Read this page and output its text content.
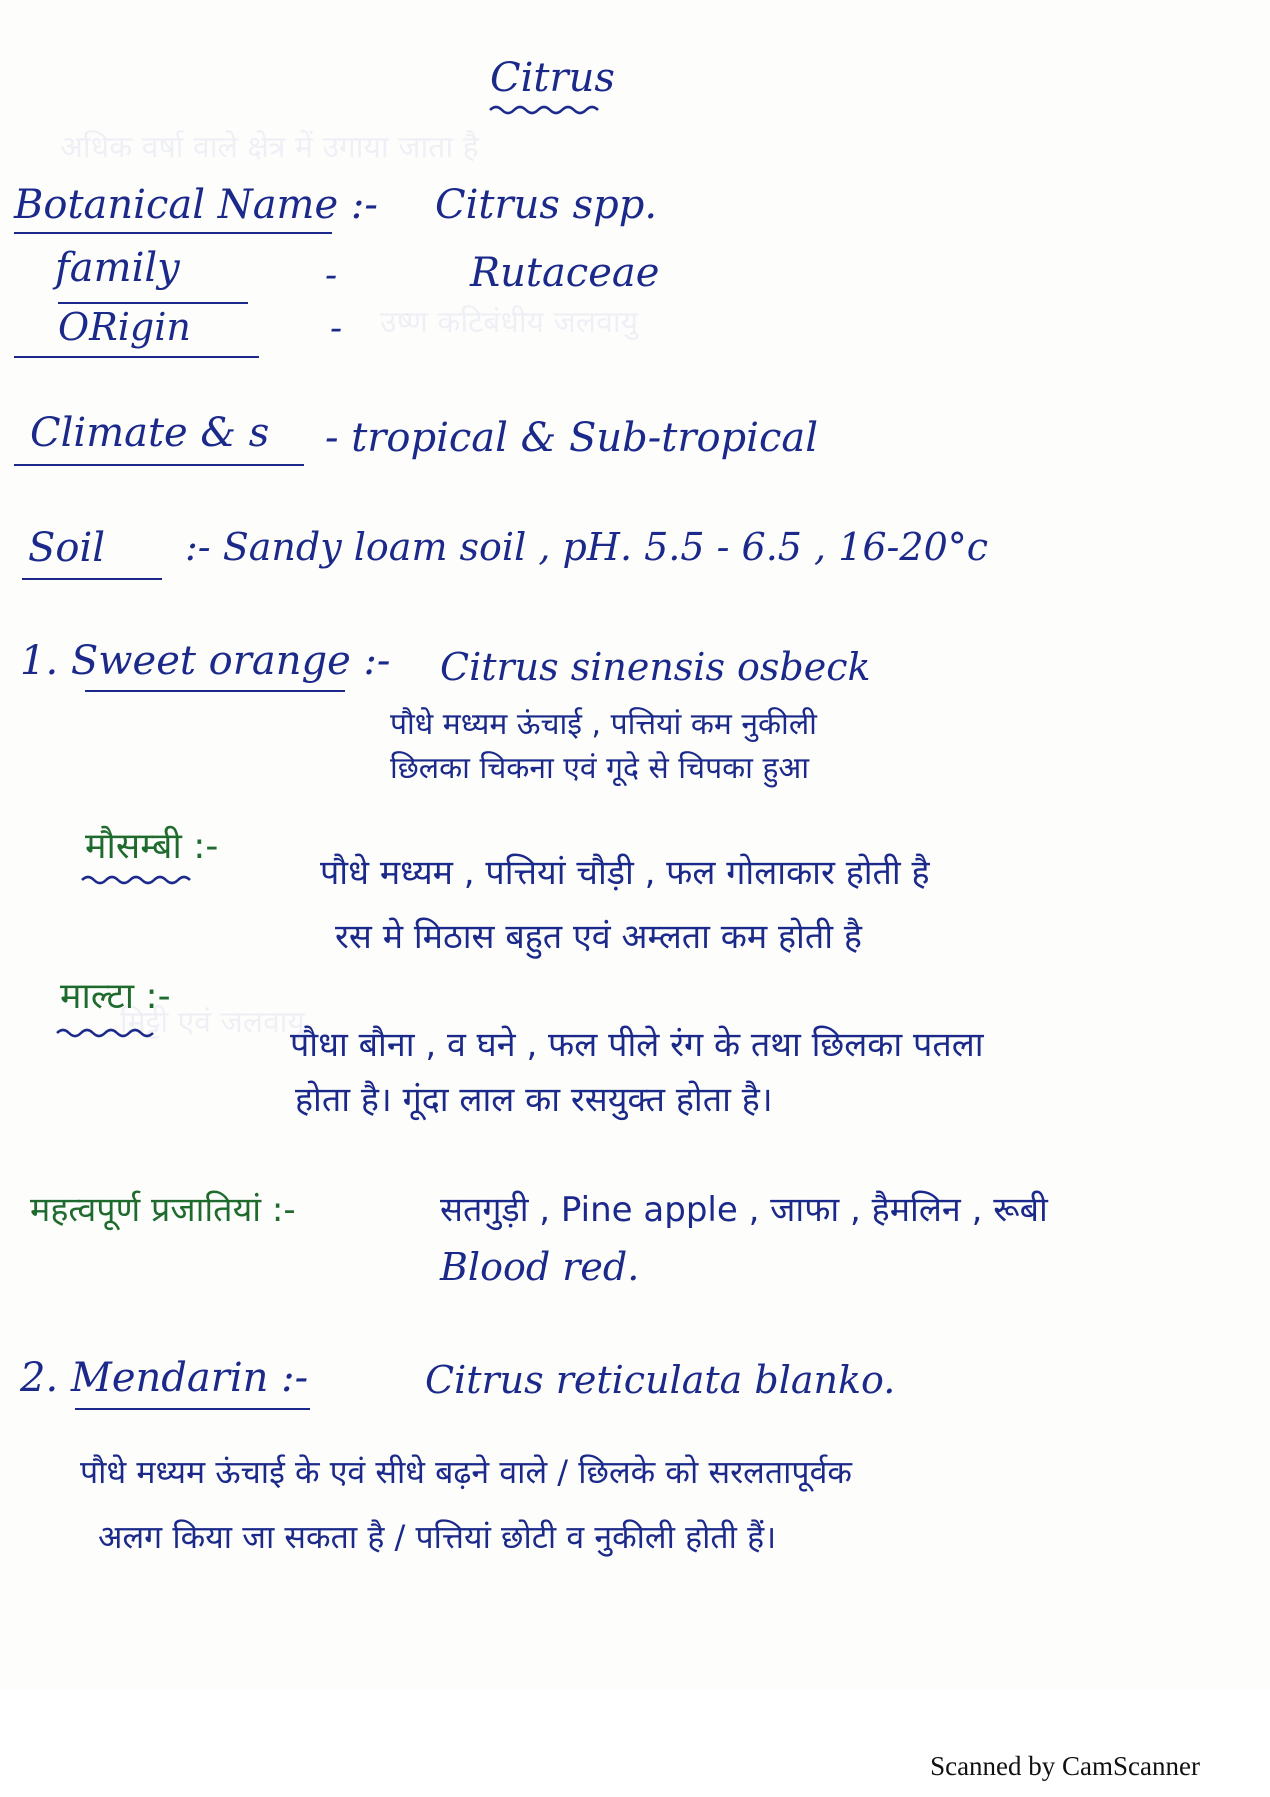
अधिक वर्षा वाले क्षेत्र में उगाया जाता है
उष्ण कटिबंधीय जलवायु
मिट्टी एवं जलवायु
Citrus
Botanical Name :- Citrus spp.
family	-	Rutaceae
ORigin	-
Climate & s - tropical & Sub-tropical
Soil :- Sandy loam soil , pH. 5.5 - 6.5 , 16-20°c
1. Sweet orange :- Citrus sinensis osbeck
पौधे मध्यम ऊंचाई , पत्तियां कम नुकीली
छिलका चिकना एवं गूदे से चिपका हुआ
मौसम्बी :-
पौधे मध्यम , पत्तियां चौड़ी , फल गोलाकार होती है
रस मे मिठास बहुत एवं अम्लता कम होती है
माल्टा :-
पौधा बौना , व घने , फल पीले रंग के तथा छिलका पतला
होता है। गूंदा लाल का रसयुक्त होता है।
महत्वपूर्ण प्रजातियां :-	सतगुड़ी , Pine apple , जाफा , हैमलिन , रूबी
Blood red.
2. Mendarin :-	Citrus reticulata blanko.
पौधे मध्यम ऊंचाई के एवं सीधे बढ़ने वाले / छिलके को सरलतापूर्वक
अलग किया जा सकता है / पत्तियां छोटी व नुकीली होती हैं।
Scanned by CamScanner
